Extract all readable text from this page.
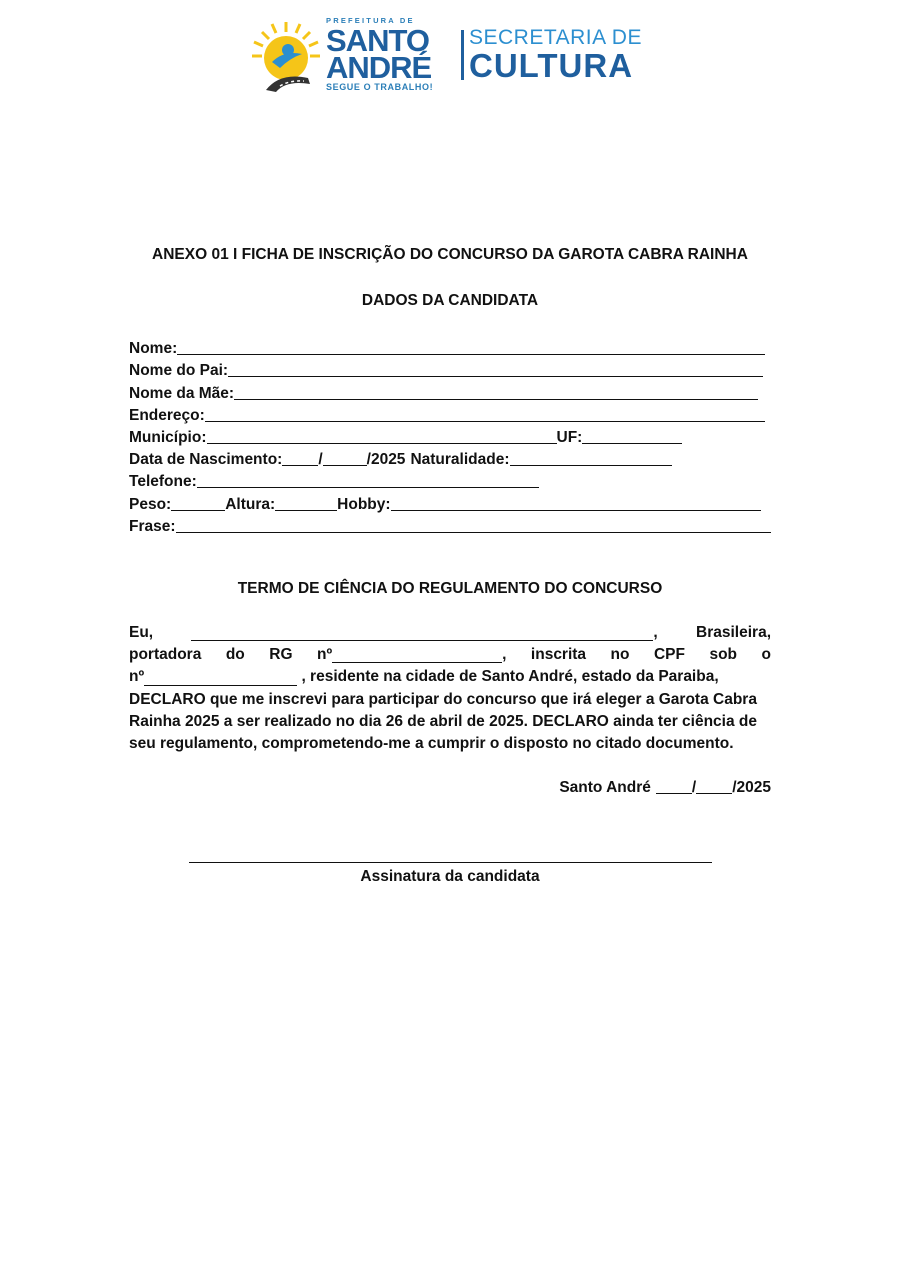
PREFEITURA DE
SANTO
ANDRÉ
SEGUE O TRABALHO!
SECRETARIA DE
CULTURA
ANEXO 01 I FICHA DE INSCRIÇÃO DO CONCURSO DA GAROTA CABRA RAINHA
DADOS DA CANDIDATA
Nome:
Nome do Pai:
Nome da Mãe:
Endereço:
Município:	UF:
Data de Nascimento: /	/2025 Naturalidade:
Telefone:
Peso:	Altura:	Hobby:
Frase:
TERMO DE CIÊNCIA DO REGULAMENTO DO CONCURSO
Eu,	, Brasileira,
portadora do RG nº	, inscrita no CPF sob o
nº	, residente na cidade de Santo André, estado da Paraiba,
DECLARO que me inscrevi para participar do concurso que irá eleger a Garota Cabra
Rainha 2025 a ser realizado no dia 26 de abril de 2025. DECLARO ainda ter ciência de
seu regulamento, comprometendo-me a cumprir o disposto no citado documento.
Santo André	/ /2025
Assinatura da candidata
